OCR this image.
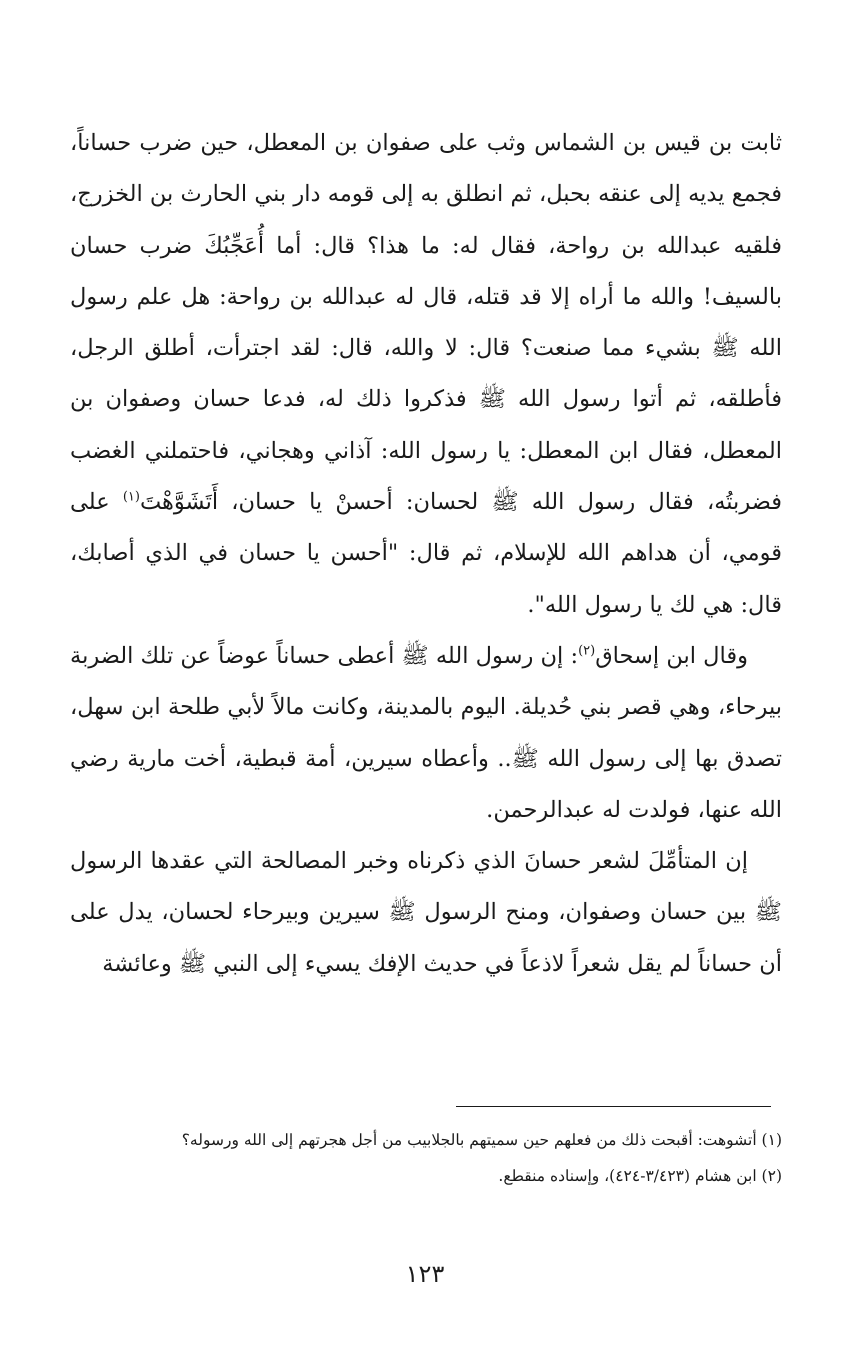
ثابت بن قيس بن الشماس وثب على صفوان بن المعطل، حين ضرب حساناً، فجمع يديه إلى عنقه بحبل، ثم انطلق به إلى قومه دار بني الحارث بن الخزرج، فلقيه عبدالله بن رواحة، فقال له: ما هذا؟ قال: أما أُعَجِّبُكَ ضرب حسان بالسيف! والله ما أراه إلا قد قتله، قال له عبدالله بن رواحة: هل علم رسول الله ﷺ بشيء مما صنعت؟ قال: لا والله، قال: لقد اجترأت، أطلق الرجل، فأطلقه، ثم أتوا رسول الله ﷺ فذكروا ذلك له، فدعا حسان وصفوان بن المعطل، فقال ابن المعطل: يا رسول الله: آذاني وهجاني، فاحتملني الغضب فضربتُه، فقال رسول الله ﷺ لحسان: أحسنْ يا حسان، أَتَشَوَّهْتَ$^{(١)}$ على قومي، أن هداهم الله للإسلام، ثم قال: "أحسن يا حسان في الذي أصابك، قال: هي لك يا رسول الله".

وقال ابن إسحاق$^{(٢)}$: إن رسول الله ﷺ أعطى حساناً عوضاً عن تلك الضربة بيرحاء، وهي قصر بني حُديلة. اليوم بالمدينة، وكانت مالاً لأبي طلحة ابن سهل، تصدق بها إلى رسول الله ﷺ.. وأعطاه سيرين، أمة قبطية، أخت مارية رضي الله عنها، فولدت له عبدالرحمن.

إن المتأمِّلَ لشعر حسانَ الذي ذكرناه وخبر المصالحة التي عقدها الرسول ﷺ بين حسان وصفوان، ومنح الرسول ﷺ سيرين وبيرحاء لحسان، يدل على أن حساناً لم يقل شعراً لاذعاً في حديث الإفك يسيء إلى النبي ﷺ وعائشة

(١) أتشوهت: أقبحت ذلك من فعلهم حين سميتهم بالجلابيب من أجل هجرتهم إلى الله ورسوله؟
(٢) ابن هشام (٣/٤٢٣-٤٢٤)، وإسناده منقطع.
١٢٣
